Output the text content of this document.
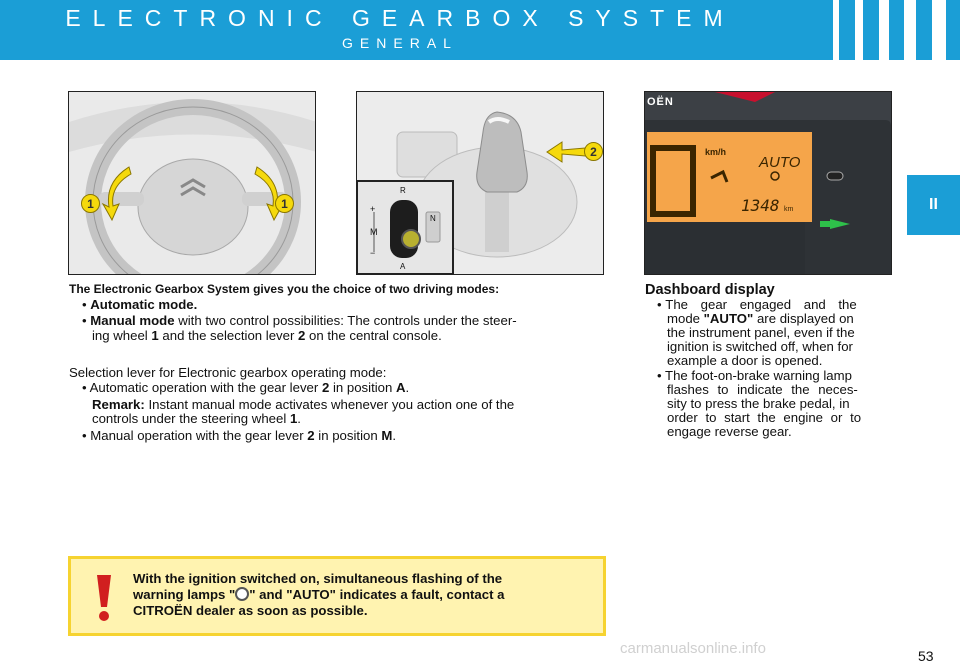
ELECTRONIC GEARBOX SYSTEM
GENERAL
II
1	1
2
+
M
−
N
R
A
OËN
km/h
AUTO
1348 km
The Electronic Gearbox System gives you the choice of two driving modes:
• Automatic mode.
• Manual mode with two control possibilities: The controls under the steer-
ing wheel 1 and the selection lever 2 on the central console.
Selection lever for Electronic gearbox operating mode:
• Automatic operation with the gear lever 2 in position A.
Remark: Instant manual mode activates whenever you action one of the
controls under the steering wheel 1.
• Manual operation with the gear lever 2 in position M.
Dashboard display
• The gear engaged and the
mode "AUTO" are displayed on
the instrument panel, even if the
ignition is switched off, when for
example a door is opened.
• The foot-on-brake warning lamp
flashes to indicate the neces-
sity to press the brake pedal, in
order to start the engine or to
engage reverse gear.
With the ignition switched on, simultaneous flashing of the
warning lamps " " and "AUTO" indicates a fault, contact a
CITROËN dealer as soon as possible.
53
carmanualsonline.info
